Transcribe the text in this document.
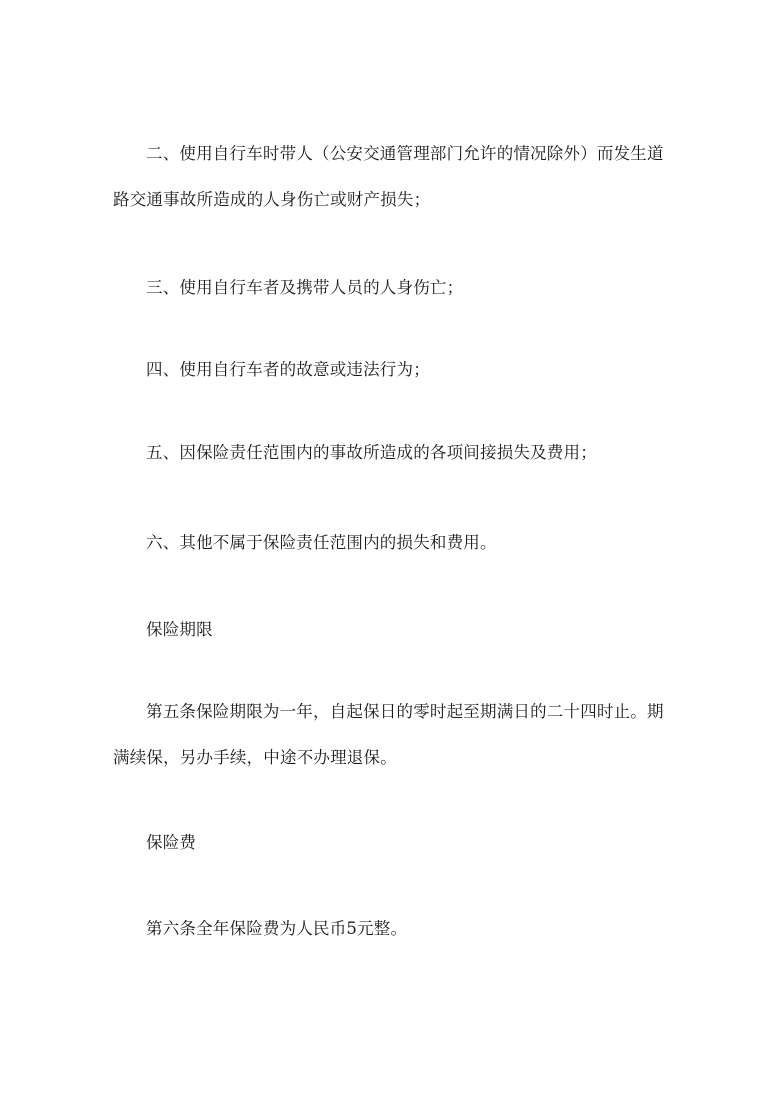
二、使用自行车时带人（公安交通管理部门允许的情况除外）而发生道路交通事故所造成的人身伤亡或财产损失；

三、使用自行车者及携带人员的人身伤亡；

四、使用自行车者的故意或违法行为；

五、因保险责任范围内的事故所造成的各项间接损失及费用；

六、其他不属于保险责任范围内的损失和费用。

保险期限

第五条保险期限为一年，自起保日的零时起至期满日的二十四时止。期满续保，另办手续，中途不办理退保。

保险费

第六条全年保险费为人民币5元整。
